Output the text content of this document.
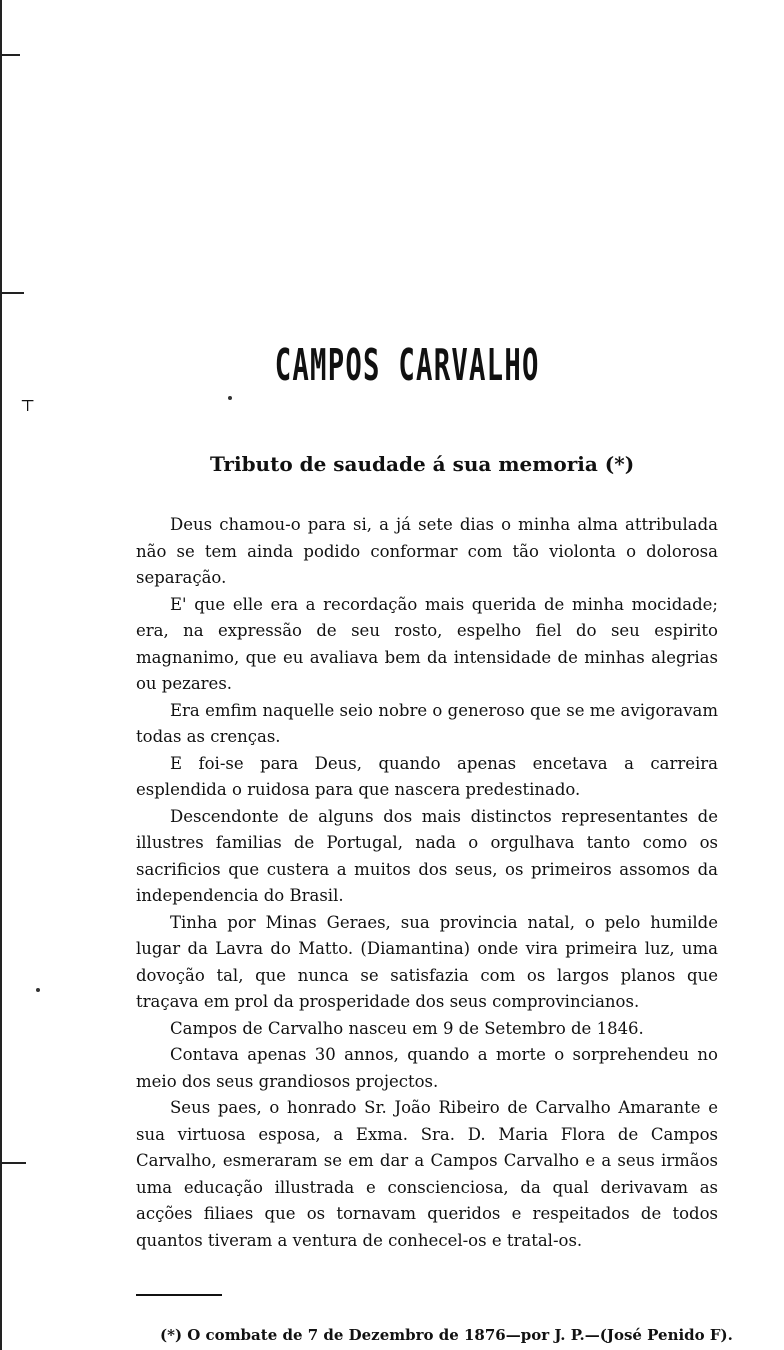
⊤
CAMPOS CARVALHO
Tributo de saudade á sua memoria (*)

Deus chamou-o para si, a já sete dias o minha alma attribulada não se tem ainda podido conformar com tão violonta o dolorosa separação.

E' que elle era a recordação mais querida de minha mocidade; era, na expressão de seu rosto, espelho fiel do seu espirito magnanimo, que eu avaliava bem da intensidade de minhas alegrias ou pezares.

Era emfim naquelle seio nobre o generoso que se me avigoravam todas as crenças.

E foi-se para Deus, quando apenas encetava a carreira esplendida o ruidosa para que nascera predestinado.

Descendonte de alguns dos mais distinctos representantes de illustres familias de Portugal, nada o orgulhava tanto como os sacrificios que custera a muitos dos seus, os primeiros assomos da independencia do Brasil.

Tinha por Minas Geraes, sua provincia natal, o pelo humilde lugar da Lavra do Matto. (Diamantina) onde vira primeira luz, uma dovoção tal, que nunca se satisfazia com os largos planos que traçava em prol da prosperidade dos seus comprovincianos.

Campos de Carvalho nasceu em 9 de Setembro de 1846.

Contava apenas 30 annos, quando a morte o sorprehendeu no meio dos seus grandiosos projectos.

Seus paes, o honrado Sr. João Ribeiro de Carvalho Amarante e sua virtuosa esposa, a Exma. Sra. D. Maria Flora de Campos Carvalho, esmeraram se em dar a Campos Carvalho e a seus irmãos uma educação illustrada e conscienciosa, da qual derivavam as acções filiaes que os tornavam queridos e respeitados de todos quantos tiveram a ventura de conhecel-os e tratal-os.

(*) O combate de 7 de Dezembro de 1876—por J. P.—(José Penido F).
